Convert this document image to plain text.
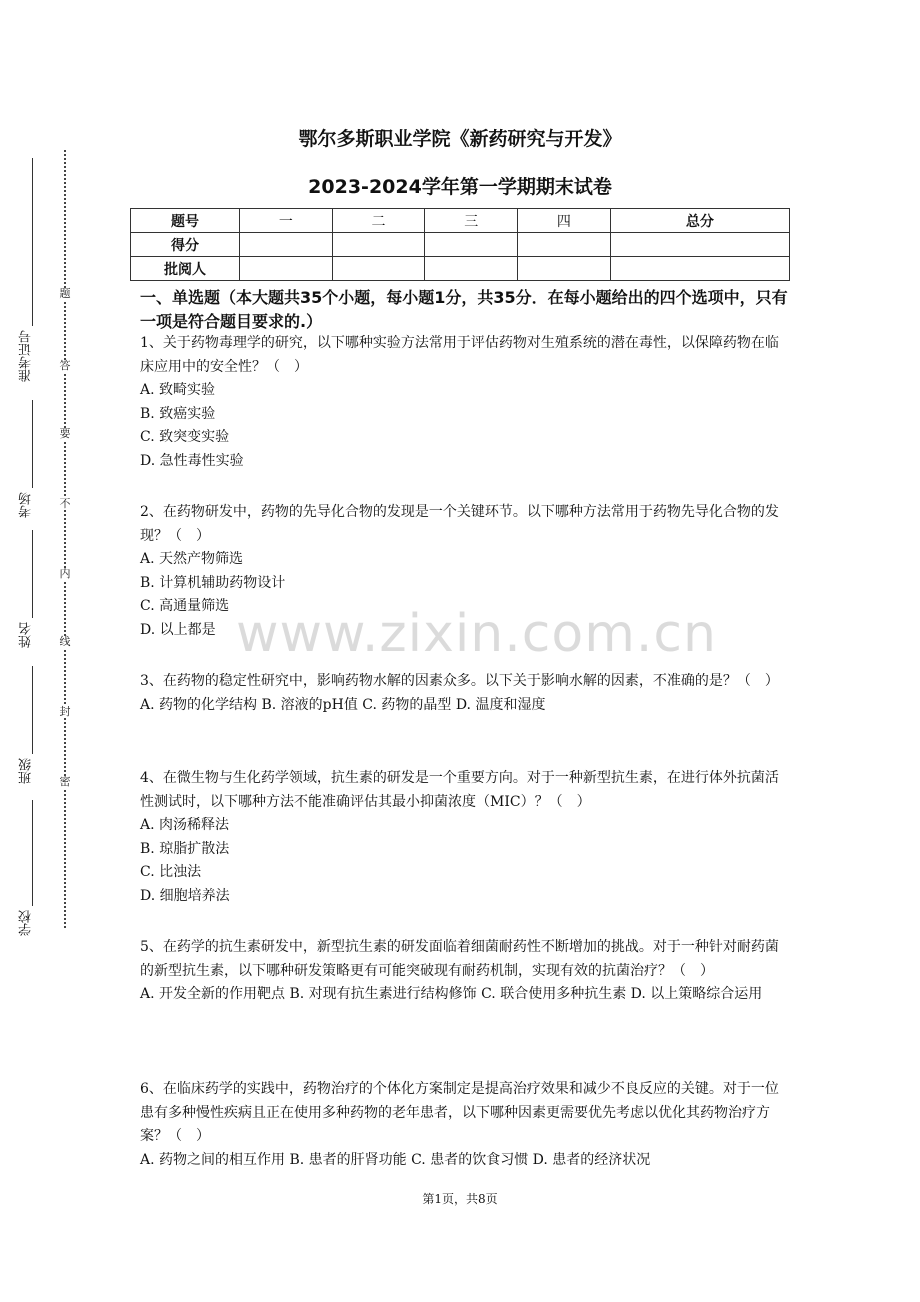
题
答
要
不
内
线
封
密
准考证号
考场
姓名
班级
学校
鄂尔多斯职业学院《新药研究与开发》
2023-2024学年第一学期期末试卷
题号	一	二	三	四	总分
得分					
批阅人					
一、单选题（本大题共35个小题，每小题1分，共35分．在每小题给出的四个选项中，只有一项是符合题目要求的.）

1、关于药物毒理学的研究，以下哪种实验方法常用于评估药物对生殖系统的潜在毒性，以保障药物在临床应用中的安全性？（　）

A. 致畸实验

B. 致癌实验

C. 致突变实验

D. 急性毒性实验

2、在药物研发中，药物的先导化合物的发现是一个关键环节。以下哪种方法常用于药物先导化合物的发现？（　）

A. 天然产物筛选

B. 计算机辅助药物设计

C. 高通量筛选

D. 以上都是

3、在药物的稳定性研究中，影响药物水解的因素众多。以下关于影响水解的因素，不准确的是？（　）

A. 药物的化学结构 B. 溶液的pH值 C. 药物的晶型 D. 温度和湿度

4、在微生物与生化药学领域，抗生素的研发是一个重要方向。对于一种新型抗生素，在进行体外抗菌活性测试时，以下哪种方法不能准确评估其最小抑菌浓度（MIC）？（　）

A. 肉汤稀释法

B. 琼脂扩散法

C. 比浊法

D. 细胞培养法

5、在药学的抗生素研发中，新型抗生素的研发面临着细菌耐药性不断增加的挑战。对于一种针对耐药菌的新型抗生素，以下哪种研发策略更有可能突破现有耐药机制，实现有效的抗菌治疗？（　）

A. 开发全新的作用靶点 B. 对现有抗生素进行结构修饰 C. 联合使用多种抗生素 D. 以上策略综合运用

6、在临床药学的实践中，药物治疗的个体化方案制定是提高治疗效果和减少不良反应的关键。对于一位患有多种慢性疾病且正在使用多种药物的老年患者，以下哪种因素更需要优先考虑以优化其药物治疗方案？（　）

A. 药物之间的相互作用 B. 患者的肝肾功能 C. 患者的饮食习惯 D. 患者的经济状况

www.zixin.com.cn
第1页，共8页
